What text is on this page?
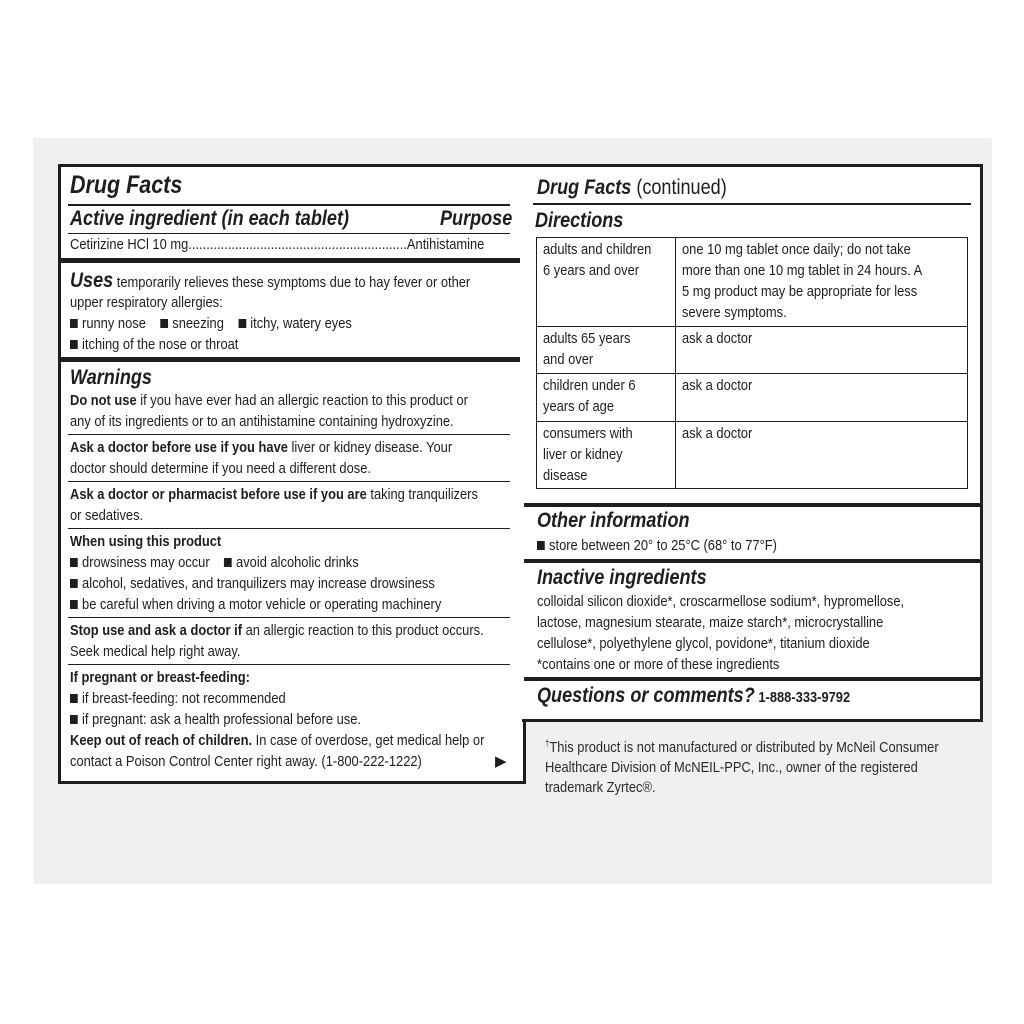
Drug Facts
Active ingredient (in each tablet)	Purpose
Cetirizine HCl 10 mg.............................................................Antihistamine
Uses temporarily relieves these symptoms due to hay fever or other
upper respiratory allergies:
runny nose sneezing itchy, watery eyes
itching of the nose or throat
Warnings
Do not use if you have ever had an allergic reaction to this product or
any of its ingredients or to an antihistamine containing hydroxyzine.
Ask a doctor before use if you have liver or kidney disease. Your
doctor should determine if you need a different dose.
Ask a doctor or pharmacist before use if you are taking tranquilizers
or sedatives.
When using this product
drowsiness may occur avoid alcoholic drinks
alcohol, sedatives, and tranquilizers may increase drowsiness
be careful when driving a motor vehicle or operating machinery
Stop use and ask a doctor if an allergic reaction to this product occurs.
Seek medical help right away.
If pregnant or breast-feeding:
if breast-feeding: not recommended
if pregnant: ask a health professional before use.
Keep out of reach of children. In case of overdose, get medical help or
contact a Poison Control Center right away. (1-800-222-1222)	▶
Drug Facts (continued)
Directions
adults and children
6 years and over	one 10 mg tablet once daily; do not take
more than one 10 mg tablet in 24 hours. A
5 mg product may be appropriate for less
severe symptoms.
adults 65 years
and over	ask a doctor
children under 6
years of age	ask a doctor
consumers with
liver or kidney
disease	ask a doctor
Other information
store between 20° to 25°C (68° to 77°F)
Inactive ingredients
colloidal silicon dioxide*, croscarmellose sodium*, hypromellose,
lactose, magnesium stearate, maize starch*, microcrystalline
cellulose*, polyethylene glycol, povidone*, titanium dioxide
*contains one or more of these ingredients
Questions or comments? 1-888-333-9792
†This product is not manufactured or distributed by McNeil Consumer
Healthcare Division of McNEIL-PPC, Inc., owner of the registered
trademark Zyrtec®.
